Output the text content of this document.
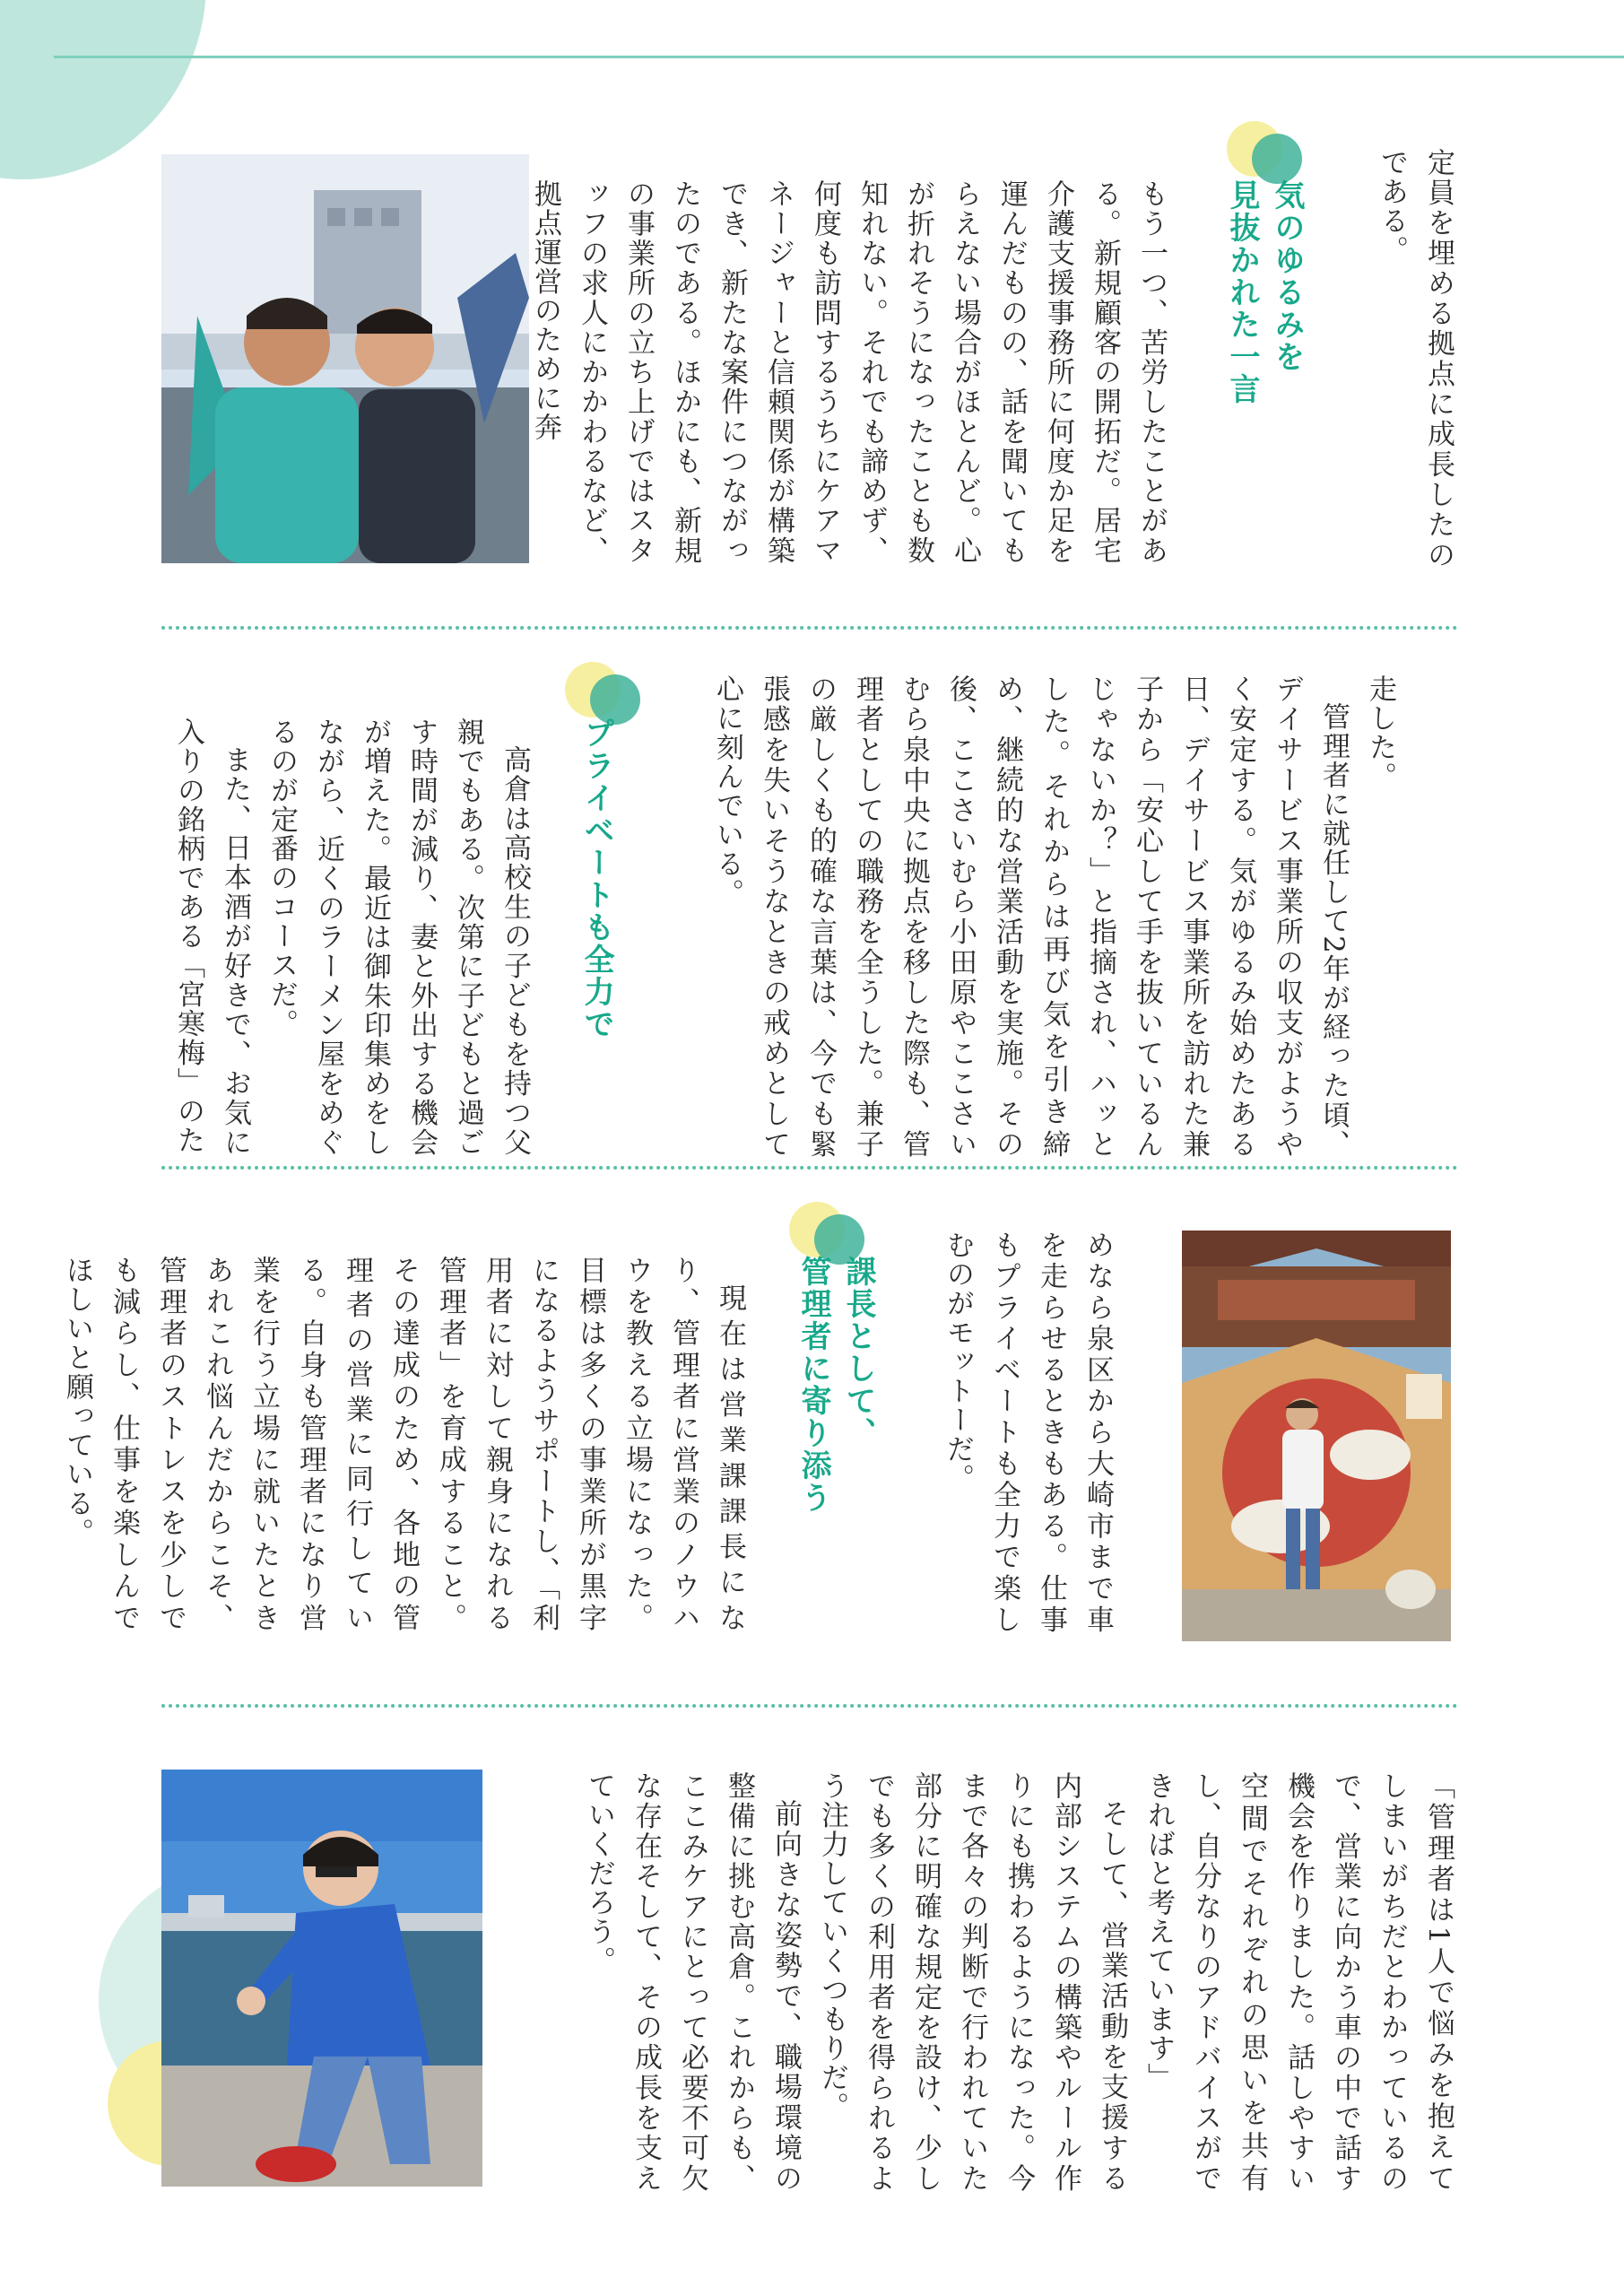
気のゆるみを
見抜かれた一言	定員を埋める拠点に成長したのである。

もう一つ、苦労したことがある。新規顧客の開拓だ。居宅介護支援事務所に何度か足を運んだものの、話を聞いてもらえない場合がほとんど。心が折れそうになったことも数知れない。それでも諦めず、何度も訪問するうちにケアマネージャーと信頼関係が構築でき、新たな案件につながったのである。ほかにも、新規の事業所の立ち上げではスタッフの求人にかかわるなど、拠点運営のために奔

走した。

管理者に就任して2年が経った頃、デイサービス事業所の収支がようやく安定する。気がゆるみ始めたある日、デイサービス事業所を訪れた兼子から「安心して手を抜いているんじゃないか？」と指摘され、ハッとした。それからは再び気を引き締め、継続的な営業活動を実施。その後、ここさいむら小田原やここさいむら泉中央に拠点を移した際も、管理者としての職務を全うした。兼子の厳しくも的確な言葉は、今でも緊張感を失いそうなときの戒めとして心に刻んでいる。

プライベートも全力で

高倉は高校生の子どもを持つ父親でもある。次第に子どもと過ごす時間が減り、妻と外出する機会が増えた。最近は御朱印集めをしながら、近くのラーメン屋をめぐるのが定番のコースだ。

また、日本酒が好きで、お気に入りの銘柄である「宮寒梅」のた

めなら泉区から大崎市まで車を走らせるときもある。仕事もプライベートも全力で楽しむのがモットーだ。

課長として、
管理者に寄り添う

現在は営業課課長になり、管理者に営業のノウハウを教える立場になった。目標は多くの事業所が黒字になるようサポートし、「利用者に対して親身になれる管理者」を育成すること。その達成のため、各地の管理者の営業に同行している。自身も管理者になり営業を行う立場に就いたときあれこれ悩んだからこそ、管理者のストレスを少しでも減らし、仕事を楽しんでほしいと願っている。

「管理者は1人で悩みを抱えてしまいがちだとわかっているので、営業に向かう車の中で話す機会を作りました。話しやすい空間でそれぞれの思いを共有し、自分なりのアドバイスができればと考えています」

そして、営業活動を支援する内部システムの構築やルール作りにも携わるようになった。今まで各々の判断で行われていた部分に明確な規定を設け、少しでも多くの利用者を得られるよう注力していくつもりだ。

前向きな姿勢で、職場環境の整備に挑む高倉。これからも、ここみケアにとって必要不可欠な存在そして、その成長を支えていくだろう。
